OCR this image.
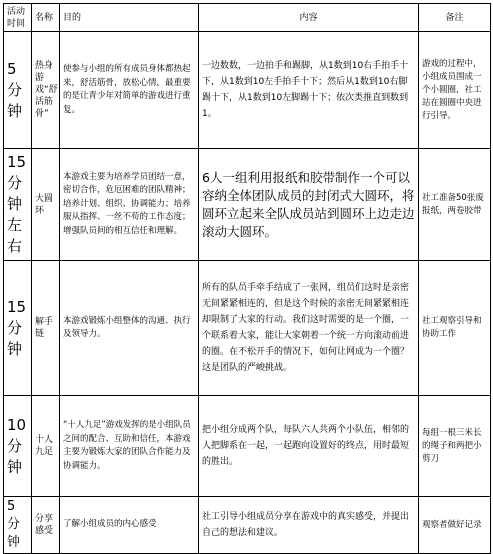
活动时间	名称	目的	内容	备注
5分钟	热身游戏“舒活筋骨”	使参与小组的所有成员身体都热起来，舒活筋骨，放松心情，最重要的是让青少年对简单的游戏进行重复。	一边数数，一边拍手和踢脚，从1数到10右手拍手十下，从1数到10左手拍手十下；然后从1数到10右脚踢十下，从1数到10左脚踢十下；依次类推直到数到1。	游戏的过程中，小组成员围成一个小圆圈，社工站在圆圈中央进行引导。
15分钟左右	大圆环	本游戏主要为培养学员团结一意，密切合作，危厄困难的团队精神；培养计划、组织、协调能力；培养服从指挥、一丝不苟的工作态度；增强队员间的相互信任和理解。	6人一组利用报纸和胶带制作一个可以容纳全体团队成员的封闭式大圆环，将圆环立起来全队成员站到圆环上边走边滚动大圆环。	社工准备50张废报纸，两卷胶带
15分钟	解手链	本游戏锻炼小组整体的沟通、执行及领导力。	所有的队员手牵手结成了一张网，组员们这时是亲密无间紧紧相连的，但是这个时候的亲密无间紧紧相连却限制了大家的行动。我们这时需要的是一个圈，一个联系着大家，能让大家朝着一个统一方向滚动前进的圈。在不松开手的情况下，如何让网成为一个圈？这是团队的严峻挑战。	社工观察引导和协助工作
10分钟	十人九足	“十人九足”游戏发挥的是小组队员之间的配合、互助和信任，本游戏主要为锻炼大家的团队合作能力及协调能力。	把小组分成两个队，每队六人共两个小队伍，相邻的人把脚系在一起，一起跑向设置好的终点，用时最短的胜出。	每组一根三米长的绳子和两把小剪刀
5分钟	分享感受	了解小组成员的内心感受	社工引导小组成员分享在游戏中的真实感受，并提出自己的想法和建议。	观察者做好记录
